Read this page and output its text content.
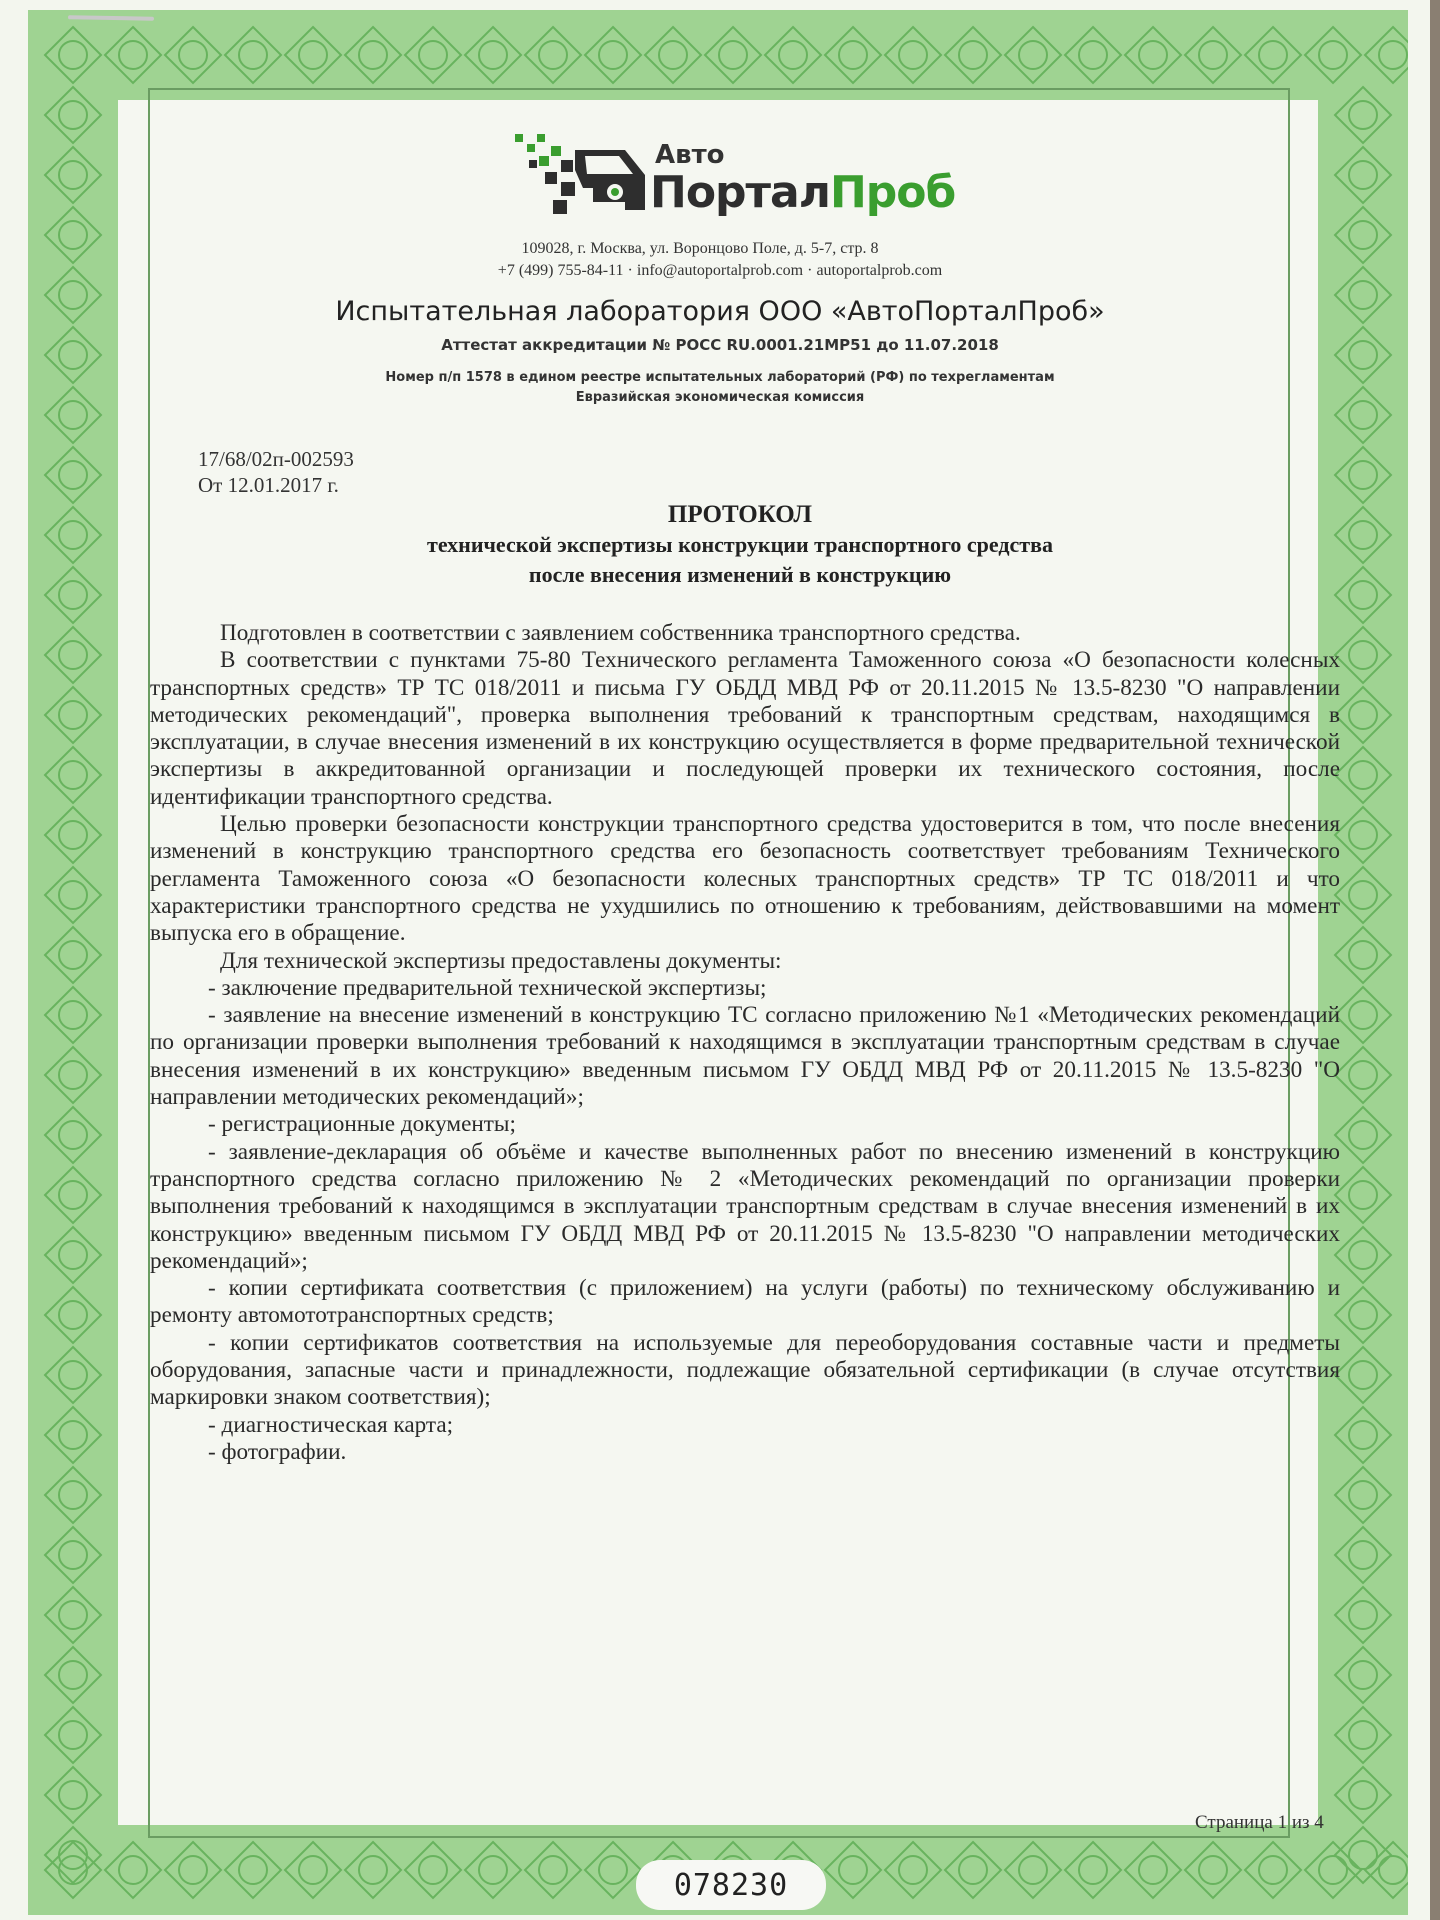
Авто
ПорталПроб
109028, г. Москва, ул. Воронцово Поле, д. 5-7, стр. 8
+7 (499) 755-84-11 · info@autoportalprob.com · autoportalprob.com
Испытательная лаборатория ООО «АвтоПорталПроб»
Аттестат аккредитации № РОСС RU.0001.21МР51 до 11.07.2018
Номер п/п 1578 в едином реестре испытательных лабораторий (РФ) по техрегламентам
Евразийская экономическая комиссия
17/68/02п-002593
От 12.01.2017 г.
ПРОТОКОЛ
технической экспертизы конструкции транспортного средства
после внесения изменений в конструкцию

Подготовлен в соответствии с заявлением собственника транспортного средства.

В соответствии с пунктами 75-80 Технического регламента Таможенного союза «О безопасности колесных транспортных средств» ТР ТС 018/2011 и письма ГУ ОБДД МВД РФ от 20.11.2015 № 13.5-8230 "О направлении методических рекомендаций", проверка выполнения требований к транспортным средствам, находящимся в эксплуатации, в случае внесения изменений в их конструкцию осуществляется в форме предварительной технической экспертизы в аккредитованной организации и последующей проверки их технического состояния, после идентификации транспортного средства.

Целью проверки безопасности конструкции транспортного средства удостоверится в том, что после внесения изменений в конструкцию транспортного средства его безопасность соответствует требованиям Технического регламента Таможенного союза «О безопасности колесных транспортных средств» ТР ТС 018/2011 и что характеристики транспортного средства не ухудшились по отношению к требованиям, действовавшими на момент выпуска его в обращение.

Для технической экспертизы предоставлены документы:

- заключение предварительной технической экспертизы;

- заявление на внесение изменений в конструкцию ТС согласно приложению №1 «Методических рекомендаций по организации проверки выполнения требований к находящимся в эксплуатации транспортным средствам в случае внесения изменений в их конструкцию» введенным письмом ГУ ОБДД МВД РФ от 20.11.2015 № 13.5-8230 "О направлении методических рекомендаций»;

- регистрационные документы;

- заявление-декларация об объёме и качестве выполненных работ по внесению изменений в конструкцию транспортного средства согласно приложению № 2 «Методических рекомендаций по организации проверки выполнения требований к находящимся в эксплуатации транспортным средствам в случае внесения изменений в их конструкцию» введенным письмом ГУ ОБДД МВД РФ от 20.11.2015 № 13.5-8230 "О направлении методических рекомендаций»;

- копии сертификата соответствия (с приложением) на услуги (работы) по техническому обслуживанию и ремонту автомототранспортных средств;

- копии сертификатов соответствия на используемые для переоборудования составные части и предметы оборудования, запасные части и принадлежности, подлежащие обязательной сертификации (в случае отсутствия маркировки знаком соответствия);

- диагностическая карта;

- фотографии.

Страница 1 из 4
078230
